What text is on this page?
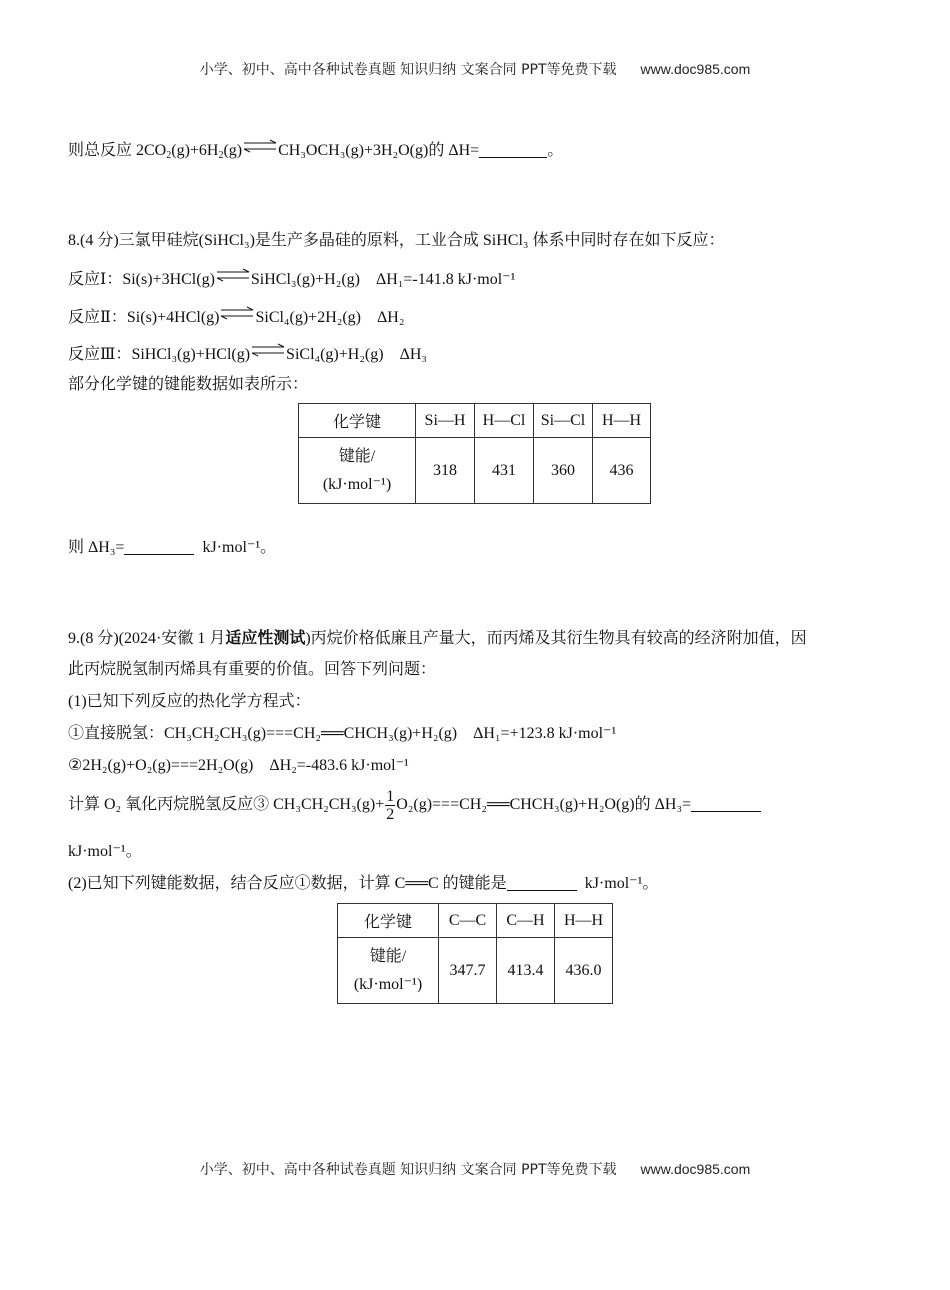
小学、初中、高中各种试卷真题 知识归纳 文案合同 PPT等免费下载 www.doc985.com
则总反应 $2CO_2(g)+6H_2(g)\rightleftharpoons CH_3OCH_3(g)+3H_2O(g)$的 ΔH=	。
8.(4 分)三氯甲硅烷(SiHCl₃)是生产多晶硅的原料，工业合成 SiHCl₃ 体系中同时存在如下反应：
反应Ⅰ：Si(s)+3HCl(g)⇌SiHCl₃(g)+H₂(g) ΔH₁=-141.8 kJ·mol⁻¹
反应Ⅱ：Si(s)+4HCl(g)⇌SiCl₄(g)+2H₂(g) ΔH₂
反应Ⅲ：SiHCl₃(g)+HCl(g)⇌SiCl₄(g)+H₂(g) ΔH₃
部分化学键的键能数据如表所示：
化学键	Si—H	H—Cl	Si—Cl	H—H

键能/
(kJ·mol⁻¹)	318	431	360	436
则 ΔH₃=	kJ·mol⁻¹。
9.(8 分)(2024·安徽 1 月适应性测试)丙烷价格低廉且产量大，而丙烯及其衍生物具有较高的经济附加值，因
此丙烷脱氢制丙烯具有重要的价值。回答下列问题：
(1)已知下列反应的热化学方程式：
①直接脱氢：CH₃CH₂CH₃(g)===CH₂══CHCH₃(g)+H₂(g)　ΔH₁=+123.8 kJ·mol⁻¹
②2H₂(g)+O₂(g)===2H₂O(g)　ΔH₂=-483.6 kJ·mol⁻¹
计算 O₂ 氧化丙烷脱氢反应③ $CH_3CH_2CH_3(g)+ \frac{1}{2}$ O₂(g)===CH₂══CHCH₃(g)+H₂O(g)的 ΔH₃=
kJ·mol⁻¹。
(2)已知下列键能数据，结合反应①数据，计算 C══C 的键能是	kJ·mol⁻¹。
化学键	C—C	C—H	H—H

键能/
(kJ·mol⁻¹)	347.7	413.4	436.0
小学、初中、高中各种试卷真题 知识归纳 文案合同 PPT等免费下载 www.doc985.com
